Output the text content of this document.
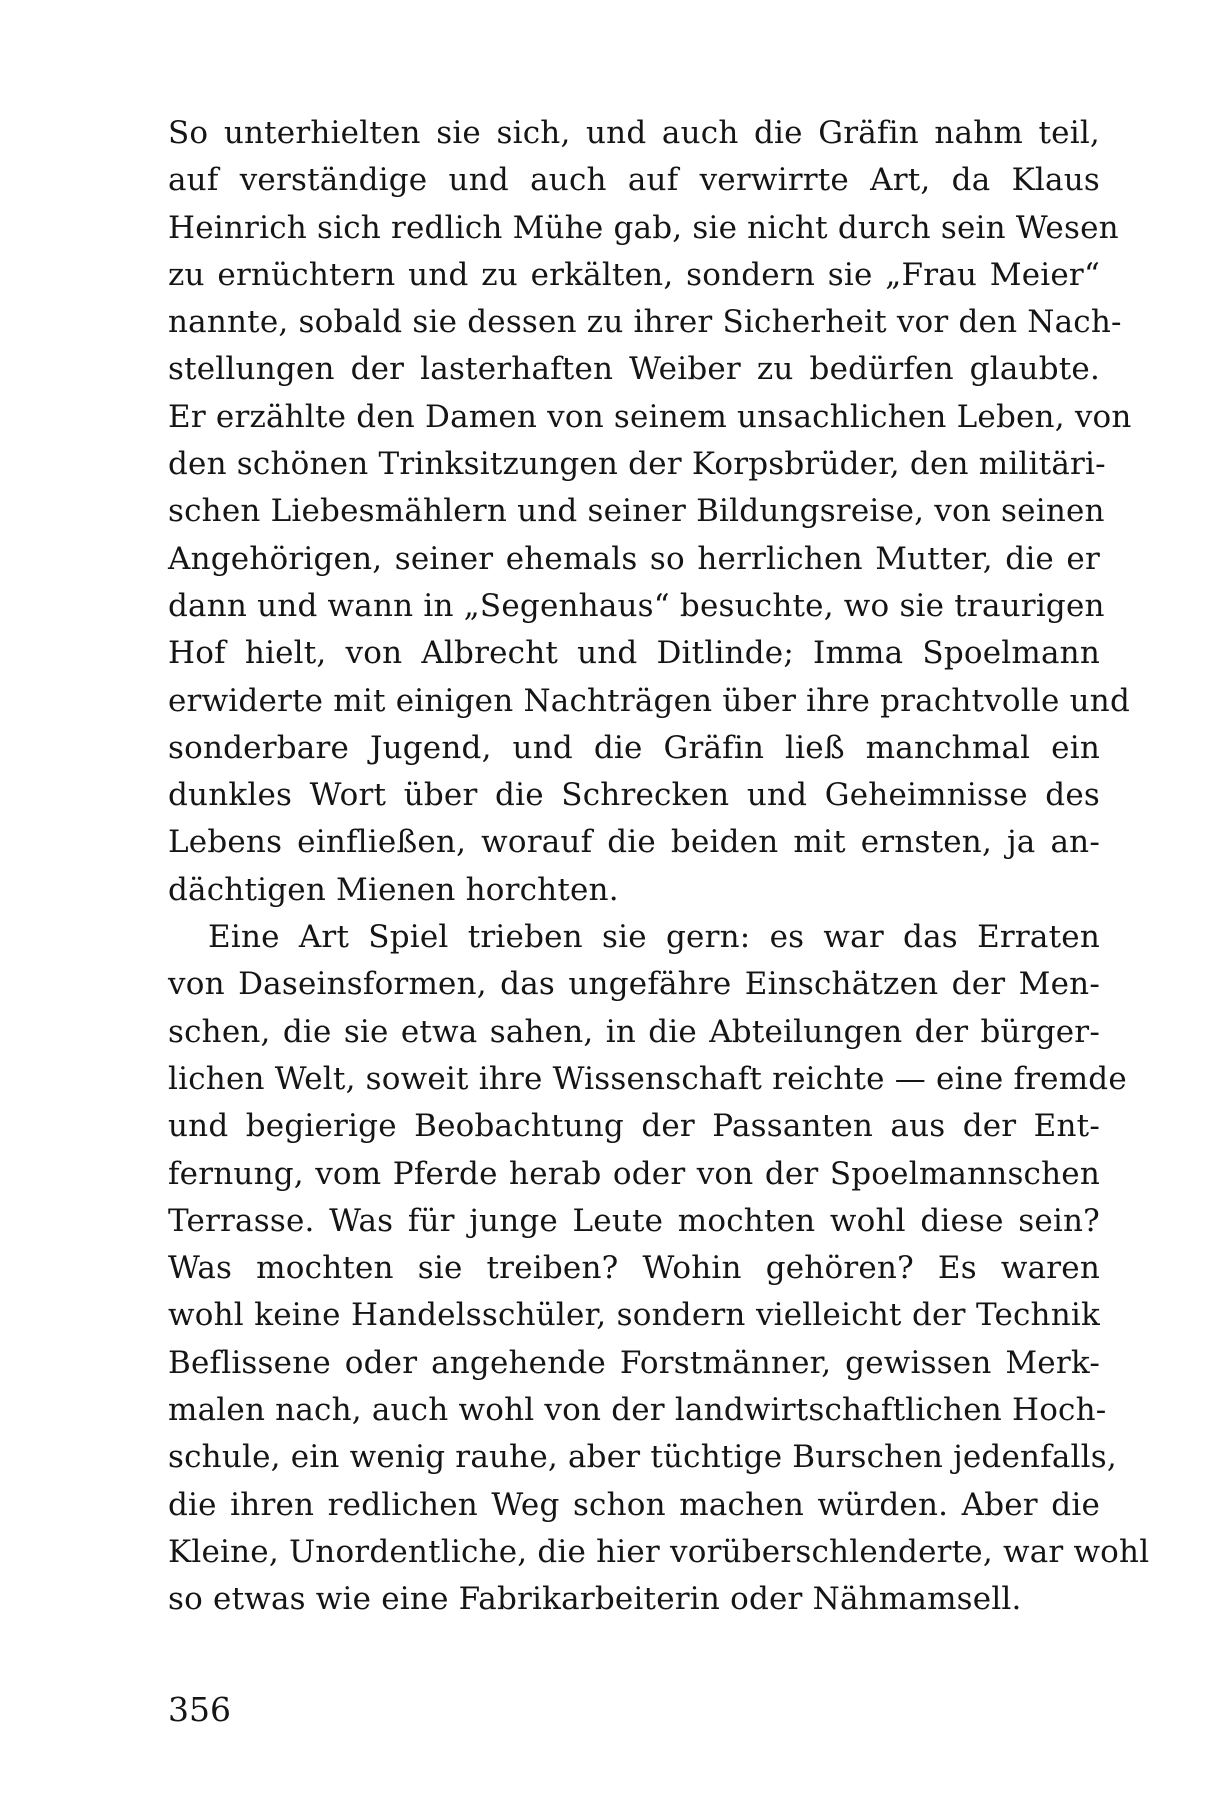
So unterhielten sie sich, und auch die Gräfin nahm teil,
auf verständige und auch auf verwirrte Art, da Klaus
Heinrich sich redlich Mühe gab, sie nicht durch sein Wesen
zu ernüchtern und zu erkälten, sondern sie „Frau Meier“
nannte, sobald sie dessen zu ihrer Sicherheit vor den Nach-
stellungen der lasterhaften Weiber zu bedürfen glaubte.
Er erzählte den Damen von seinem unsachlichen Leben, von
den schönen Trinksitzungen der Korpsbrüder, den militäri-
schen Liebesmählern und seiner Bildungsreise, von seinen
Angehörigen, seiner ehemals so herrlichen Mutter, die er
dann und wann in „Segenhaus“ besuchte, wo sie traurigen
Hof hielt, von Albrecht und Ditlinde; Imma Spoelmann
erwiderte mit einigen Nachträgen über ihre prachtvolle und
sonderbare Jugend, und die Gräfin ließ manchmal ein
dunkles Wort über die Schrecken und Geheimnisse des
Lebens einfließen, worauf die beiden mit ernsten, ja an-
dächtigen Mienen horchten.
Eine Art Spiel trieben sie gern: es war das Erraten
von Daseinsformen, das ungefähre Einschätzen der Men-
schen, die sie etwa sahen, in die Abteilungen der bürger-
lichen Welt, soweit ihre Wissenschaft reichte — eine fremde
und begierige Beobachtung der Passanten aus der Ent-
fernung, vom Pferde herab oder von der Spoelmannschen
Terrasse. Was für junge Leute mochten wohl diese sein?
Was mochten sie treiben? Wohin gehören? Es waren
wohl keine Handelsschüler, sondern vielleicht der Technik
Beflissene oder angehende Forstmänner, gewissen Merk-
malen nach, auch wohl von der landwirtschaftlichen Hoch-
schule, ein wenig rauhe, aber tüchtige Burschen jedenfalls,
die ihren redlichen Weg schon machen würden. Aber die
Kleine, Unordentliche, die hier vorüberschlenderte, war wohl
so etwas wie eine Fabrikarbeiterin oder Nähmamsell.
356
